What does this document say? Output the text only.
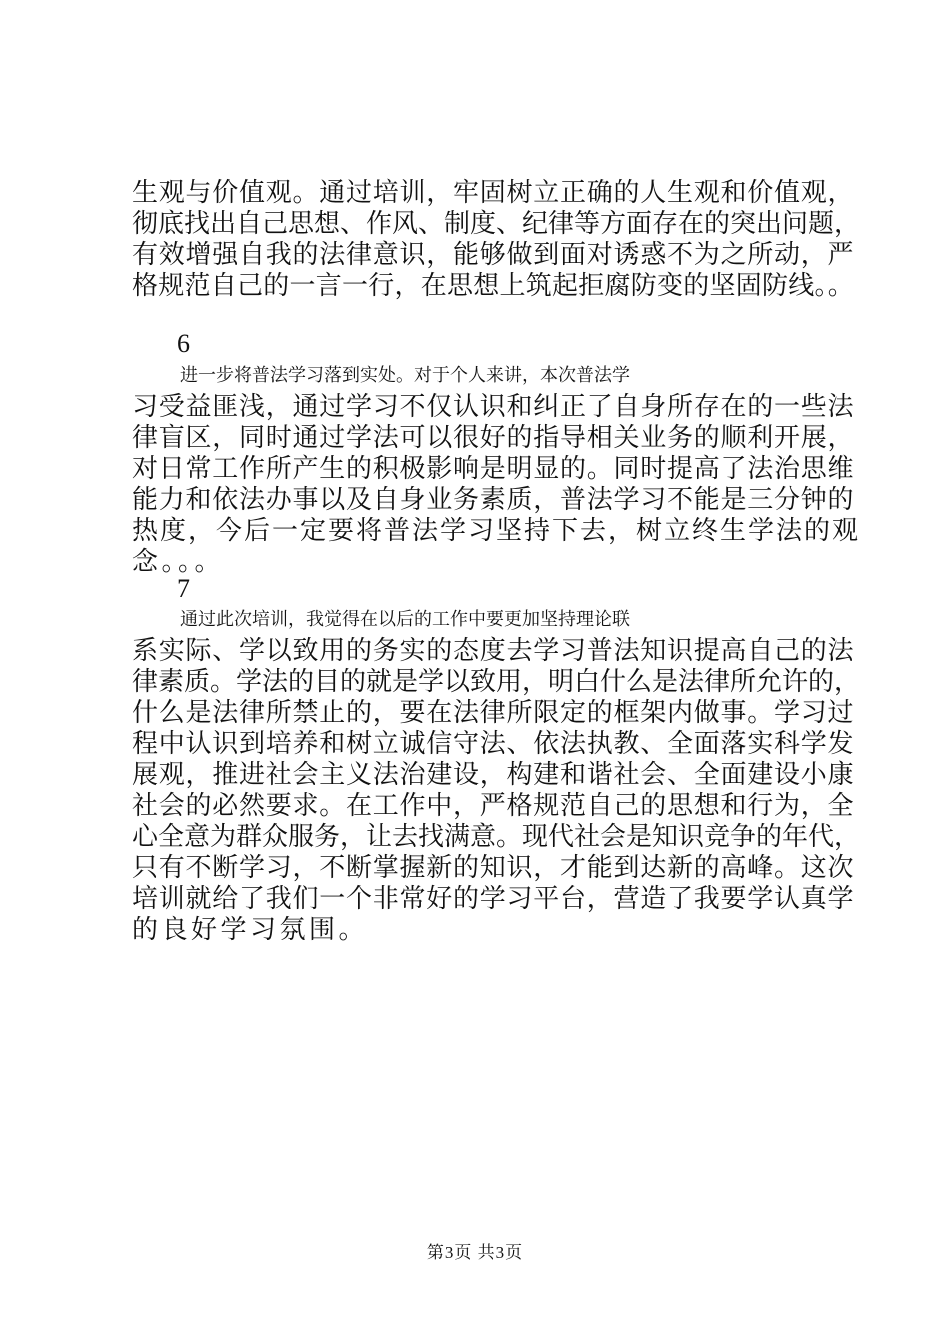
生观与价值观。通过培训，牢固树立正确的人生观和价值观，
彻底找出自己思想、作风、制度、纪律等方面存在的突出问题，
有效增强自我的法律意识，能够做到面对诱惑不为之所动，严
格规范自己的一言一行，在思想上筑起拒腐防变的坚固防线。。
6
进一步将普法学习落到实处。对于个人来讲，本次普法学
习受益匪浅，通过学习不仅认识和纠正了自身所存在的一些法
律盲区，同时通过学法可以很好的指导相关业务的顺利开展，
对日常工作所产生的积极影响是明显的。同时提高了法治思维
能力和依法办事以及自身业务素质，普法学习不能是三分钟的
热度，今后一定要将普法学习坚持下去，树立终生学法的观
念。。。
7
通过此次培训，我觉得在以后的工作中要更加坚持理论联
系实际、学以致用的务实的态度去学习普法知识提高自己的法
律素质。学法的目的就是学以致用，明白什么是法律所允许的，
什么是法律所禁止的，要在法律所限定的框架内做事。学习过
程中认识到培养和树立诚信守法、依法执教、全面落实科学发
展观，推进社会主义法治建设，构建和谐社会、全面建设小康
社会的必然要求。在工作中，严格规范自己的思想和行为，全
心全意为群众服务，让去找满意。现代社会是知识竞争的年代，
只有不断学习，不断掌握新的知识，才能到达新的高峰。这次
培训就给了我们一个非常好的学习平台，营造了我要学认真学
的良好学习氛围。
第3页 共3页
